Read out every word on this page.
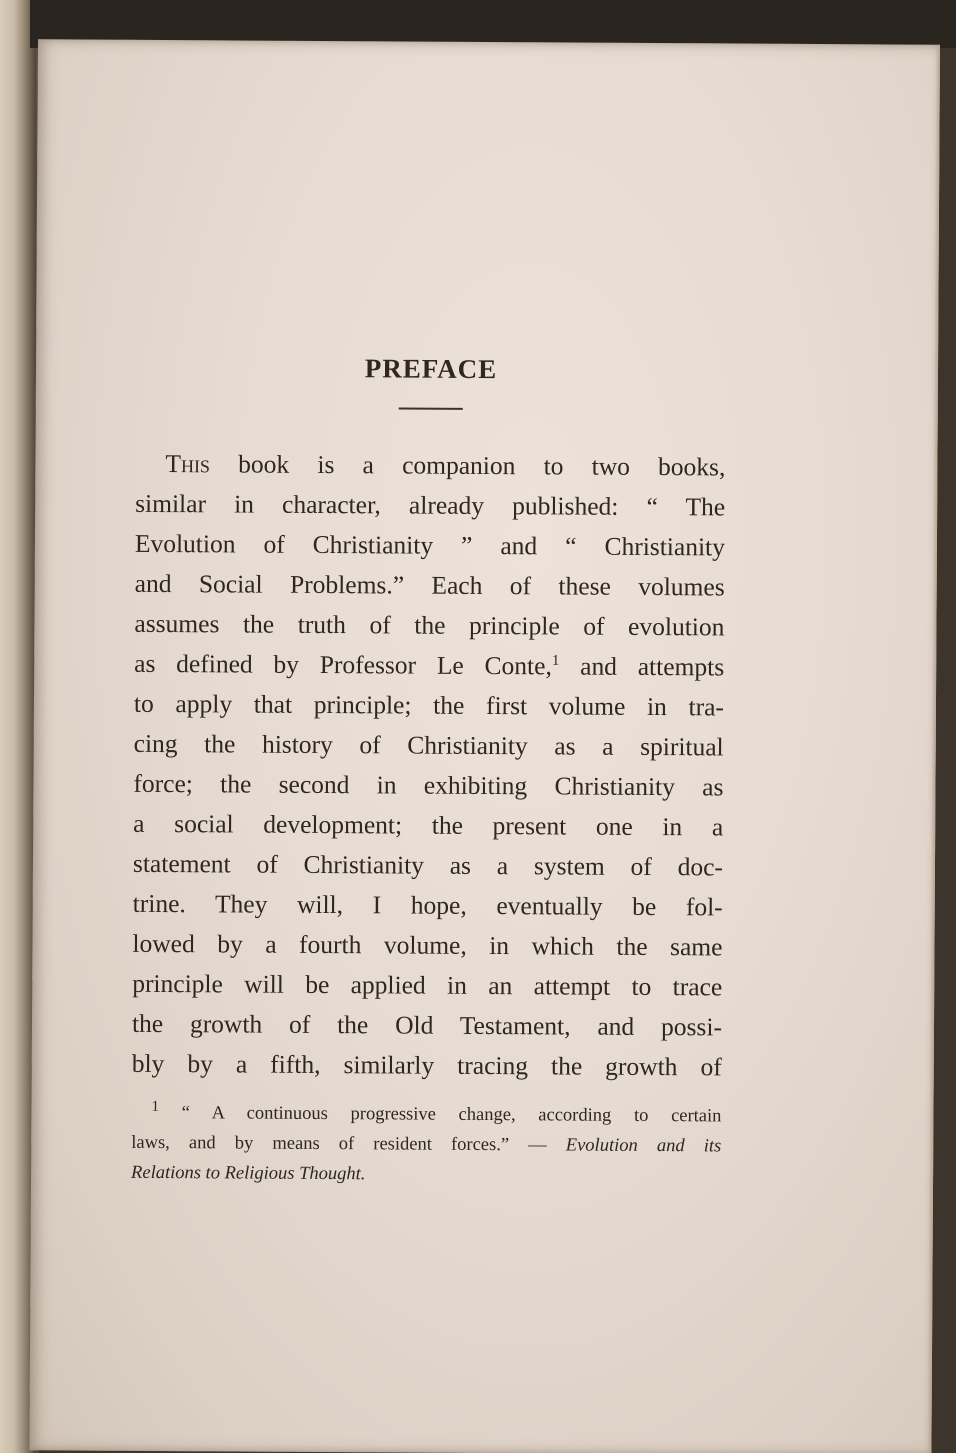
PREFACE
This book is a companion to two books,
similar in character, already published: “ The
Evolution of Christianity ” and “ Christianity
and Social Problems.” Each of these volumes
assumes the truth of the principle of evolution
as defined by Professor Le Conte,$^1$ and attempts
to apply that principle; the first volume in tra-
cing the history of Christianity as a spiritual
force; the second in exhibiting Christianity as
a social development; the present one in a
statement of Christianity as a system of doc-
trine. They will, I hope, eventually be fol-
lowed by a fourth volume, in which the same
principle will be applied in an attempt to trace
the growth of the Old Testament, and possi-
bly by a fifth, similarly tracing the growth of
$^1$ “ A continuous progressive change, according to certain
laws, and by means of resident forces.” — Evolution and its
Relations to Religious Thought.
